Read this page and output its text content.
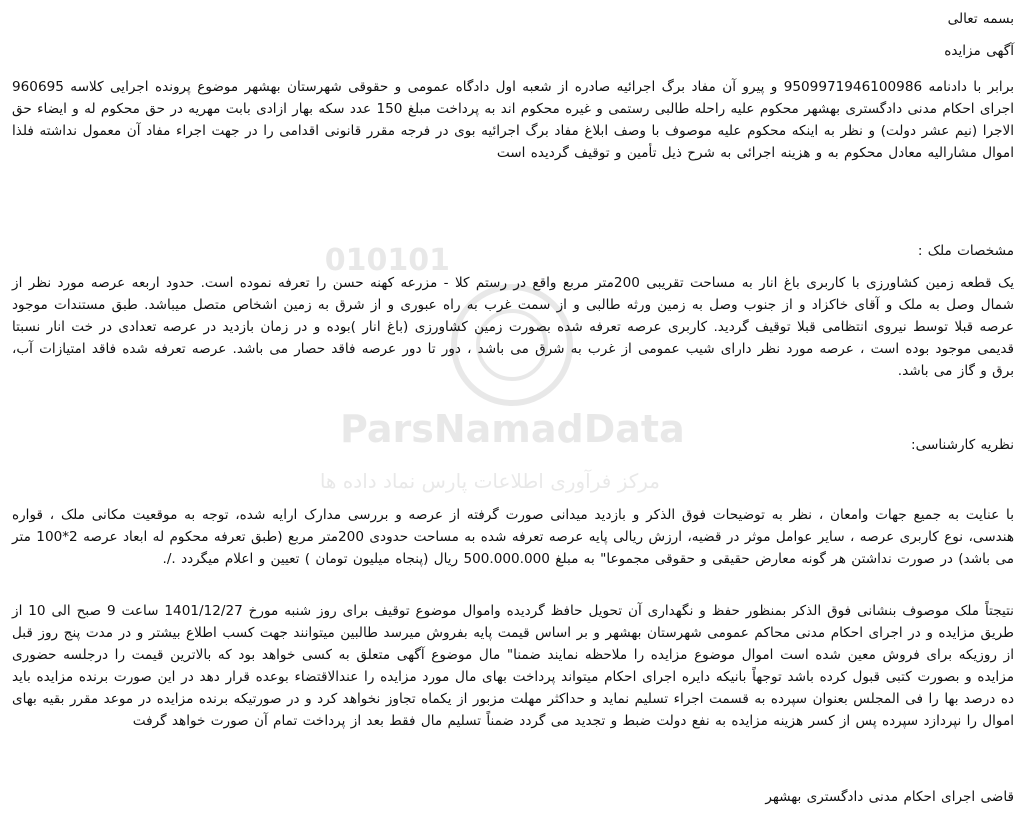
010101
ParsNamadData
مرکز فرآوری اطلاعات پارس نماد داده ها
بسمه تعالی
آگهی مزایده
برابر با دادنامه 9509971946100986 و پیرو آن مفاد برگ اجرائیه صادره از شعبه اول دادگاه عمومی و حقوقی شهرستان بهشهر موضوع پرونده اجرایی کلاسه 960695 اجرای احکام مدنی دادگستری بهشهر محکوم علیه راحله طالبی رستمی و غیره محکوم اند به پرداخت مبلغ 150 عدد سکه بهار ازادی بابت مهریه در حق محکوم له و ایضاء حق الاجرا (نیم عشر دولت) و نظر به اینکه محکوم علیه موصوف با وصف ابلاغ مفاد برگ اجرائیه بوی در فرجه مقرر قانونی اقدامی را در جهت اجراء مفاد آن معمول نداشته فلذا اموال مشارالیه معادل محکوم به و هزینه اجرائی به شرح ذیل تأمین و توقیف گردیده است
مشخصات ملک :
یک قطعه زمین کشاورزی با کاربری باغ انار به مساحت تقریبی 200متر مربع واقع در رستم کلا - مزرعه کهنه حسن را تعرفه نموده است. حدود اربعه عرصه مورد نظر از شمال وصل به ملک و آقای خاکزاد و از جنوب وصل به زمین ورثه طالبی و از سمت غرب به راه عبوری و از شرق به زمین اشخاص متصل میباشد. طبق مستندات موجود عرصه قبلا توسط نیروی انتظامی قبلا توقیف گردید. کاربری عرصه تعرفه شده بصورت زمین کشاورزی (باغ انار )بوده و در زمان بازدید در عرصه تعدادی در خت انار نسبتا قدیمی موجود بوده است ، عرصه مورد نظر دارای شیب عمومی از غرب به شرق می باشد ، دور تا دور عرصه فاقد حصار می باشد. عرصه تعرفه شده فاقد امتیازات آب، برق و گاز می باشد.
نظریه کارشناسی:
با عنایت به جمیع جهات وامعان ، نظر به توضیحات فوق الذکر و بازدید میدانی صورت گرفته از عرصه و بررسی مدارک ارایه شده، توجه به موقعیت مکانی ملک ، قواره هندسی، نوع کاربری عرصه ، سایر عوامل موثر در قضیه، ارزش ریالی پایه عرصه تعرفه شده به مساحت حدودی 200متر مربع (طبق تعرفه محکوم له ابعاد عرصه 2*100 متر می باشد) در صورت نداشتن هر گونه معارض حقیقی و حقوقی مجموعا" به مبلغ 500.000.000 ریال (پنجاه میلیون تومان ) تعیین و اعلام میگردد ./.
نتیجتاً ملک موصوف بنشانی فوق الذکر بمنظور حفظ و نگهداری آن تحویل حافظ گردیده واموال موضوع توقیف برای روز شنبه مورخ 1401/12/27 ساعت 9 صبح الی 10 از طریق مزایده و در اجرای احکام مدنی محاکم عمومی شهرستان بهشهر و بر اساس قیمت پایه بفروش میرسد طالبین میتوانند جهت کسب اطلاع بیشتر و در مدت پنج روز قبل از روزیکه برای فروش معین شده است اموال موضوع مزایده را ملاحظه نمایند ضمنا" مال موضوع آگهی متعلق به کسی خواهد بود که بالاترین قیمت را درجلسه حضوری مزایده و بصورت کتبی قبول کرده باشد توجهاً بانیکه دایره اجرای احکام میتواند پرداخت بهای مال مورد مزایده را عندالاقتضاء بوعده قرار دهد در این صورت برنده مزایده باید ده درصد بها را فی المجلس بعنوان سپرده به قسمت اجراء تسلیم نماید و حداکثر مهلت مزبور از یکماه تجاوز نخواهد کرد و در صورتیکه برنده مزایده در موعد مقرر بقیه بهای اموال را نپردازد سپرده پس از کسر هزینه مزایده به نفع دولت ضبط و تجدید می گردد ضمناً تسلیم مال فقط بعد از پرداخت تمام آن صورت خواهد گرفت
قاضی اجرای احکام مدنی دادگستری بهشهر
